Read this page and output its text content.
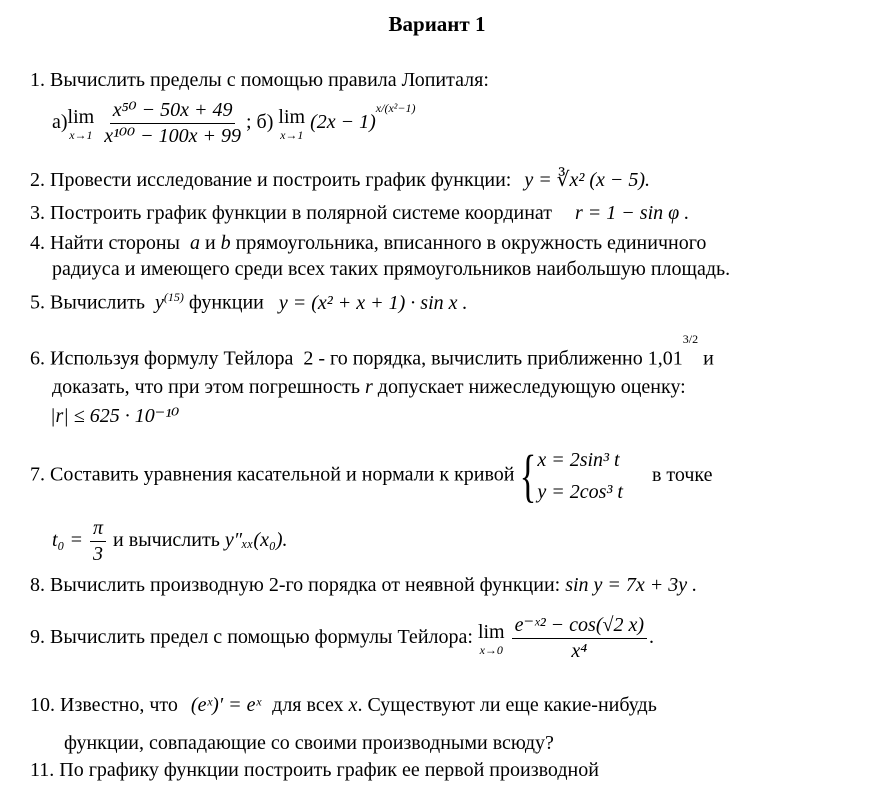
Вариант 1
1. Вычислить пределы с помощью правила Лопиталя:
а) lim
x→1
$\frac{\text{x⁵⁰ − 50x + 49}}{\text{x¹⁰⁰ − 100x + 99}}$ ; б) lim
x→1
$(2x - 1)^{x/(x^2-1)}$
2. Провести исследование и построить график функции: y = ∛x² (x − 5).
3. Построить график функции в полярной системе координат r = 1 − sin φ .
4. Найти стороны a и b прямоугольника, вписанного в окружность единичного
радиуса и имеющего среди всех таких прямоугольников наибольшую площадь.
5. Вычислить $y^{(15)}$ функции y = (x² + x + 1) · sin x .
6. Используя формулу Тейлора 2 - го порядка, вычислить приближенно $1,01^{3/2}$ и
доказать, что при этом погрешность r допускает нижеследующую оценку:
|r| ≤ 625 · 10⁻¹⁰
7. Составить уравнения касательной и нормали к кривой { x = 2sin³ t
y = 2cos³ t
в точке
$t_0 = \frac{\pi}{3}$ и вычислить y″ₓₓ(x₀).
8. Вычислить производную 2-го порядка от неявной функции: sin y = 7x + 3y .
9. Вычислить предел с помощью формулы Тейлора: lim
x→0
$\frac{\text{e⁻ˣ² − cos(√2 x)}}{\text{x⁴}}$ .
10. Известно, что (eˣ)′ = eˣ для всех x. Существуют ли еще какие-нибудь
функции, совпадающие со своими производными всюду?
11. По графику функции построить график ее первой производной
